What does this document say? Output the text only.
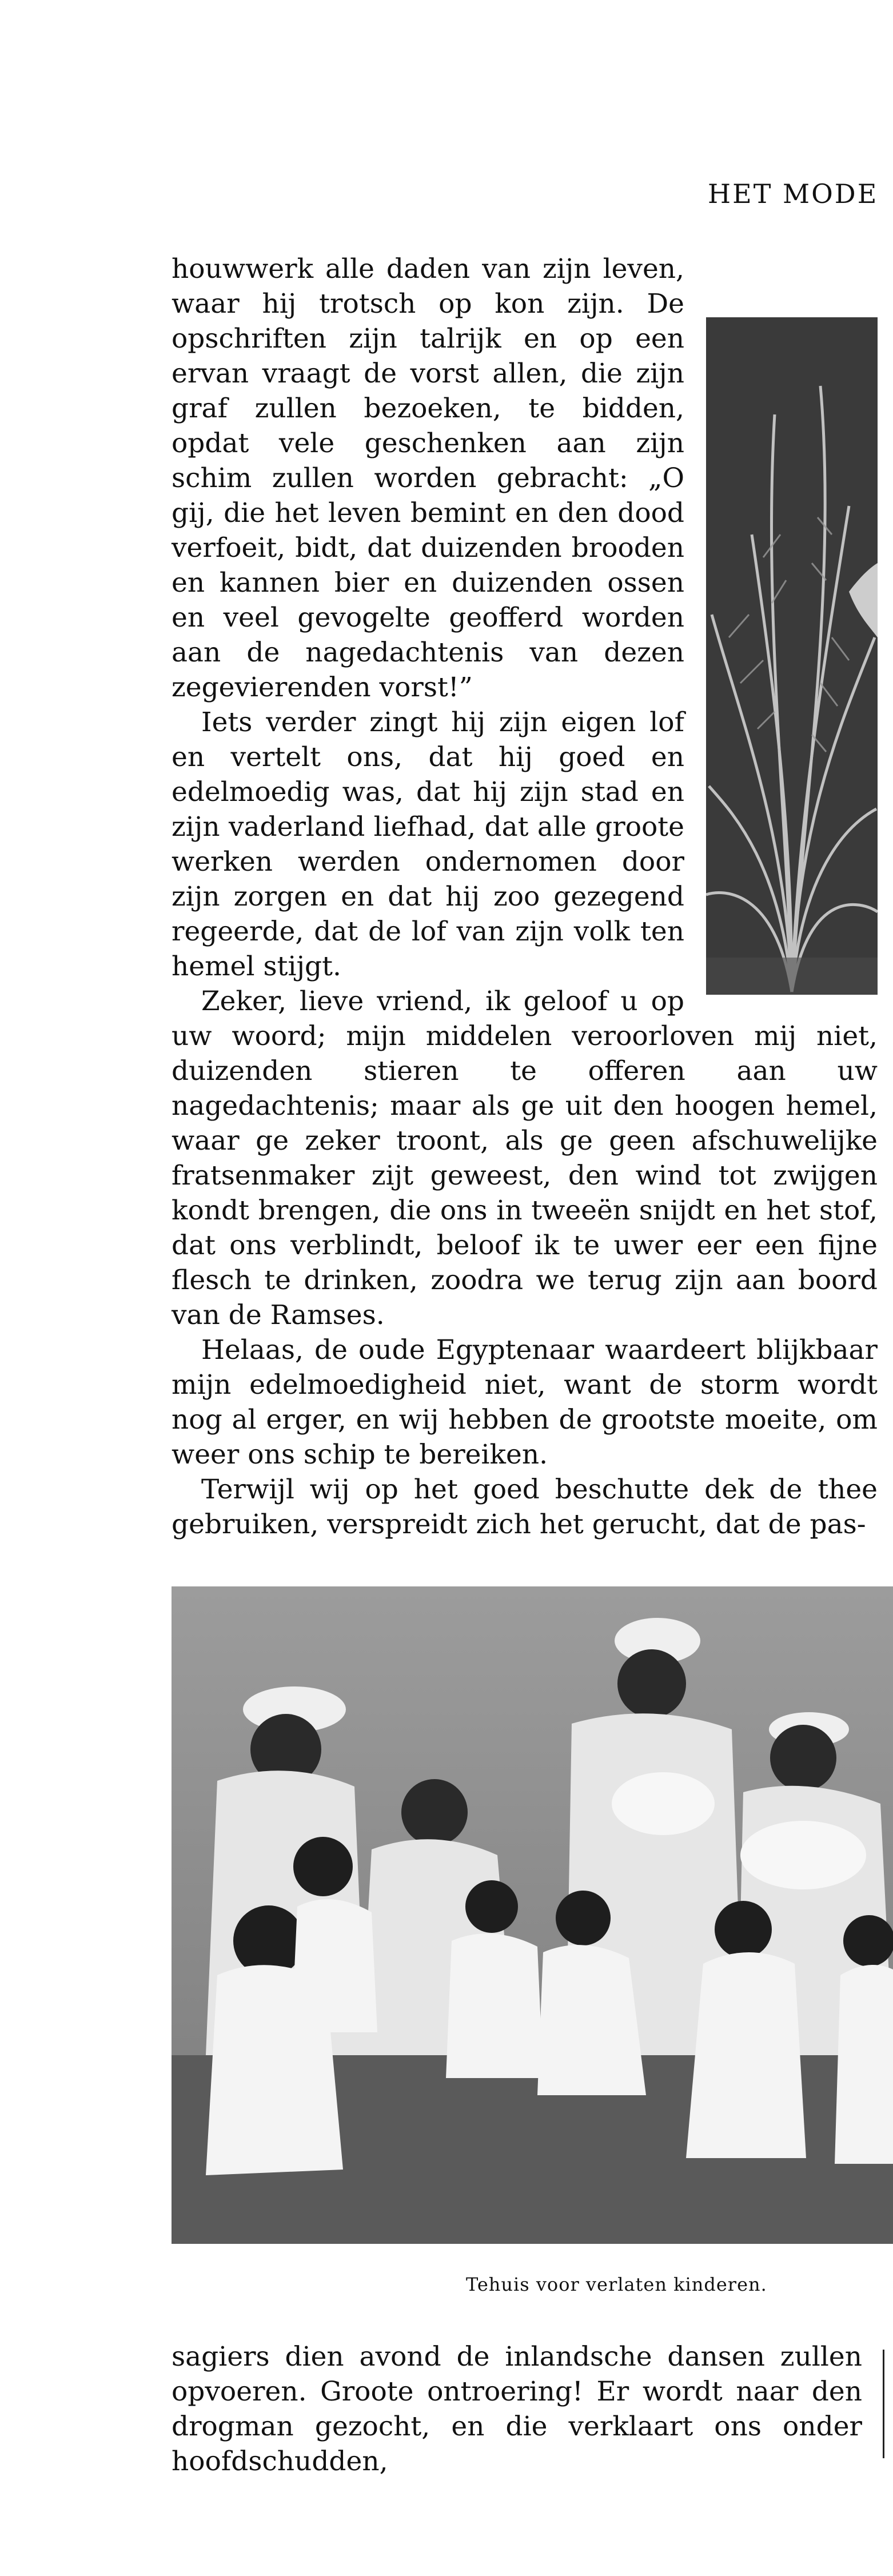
HET MODE

houwwerk alle daden van zijn leven, waar hij trotsch op kon zijn. De opschriften zijn talrijk en op een ervan vraagt de vorst allen, die zijn graf zullen bezoeken, te bidden, opdat vele geschenken aan zijn schim zullen worden gebracht: „O gij, die het leven bemint en den dood verfoeit, bidt, dat duizenden brooden en kannen bier en duizenden ossen en veel gevogelte geofferd worden aan de nagedachtenis van dezen zegevierenden vorst!”

Iets verder zingt hij zijn eigen lof en vertelt ons, dat hij goed en edelmoedig was, dat hij zijn stad en zijn vaderland liefhad, dat alle groote werken werden ondernomen door zijn zorgen en dat hij zoo gezegend regeerde, dat de lof van zijn volk ten hemel stijgt.

Zeker, lieve vriend, ik geloof u op uw woord; mijn middelen veroorloven mij niet, duizenden stieren te offeren aan uw nagedachtenis; maar als ge uit den hoogen hemel, waar ge zeker troont, als ge geen afschuwelijke fratsenmaker zijt geweest, den wind tot zwijgen kondt brengen, die ons in tweeën snijdt en het stof, dat ons verblindt, beloof ik te uwer eer een fijne flesch te drinken, zoodra we terug zijn aan boord van de Ramses.

Helaas, de oude Egyptenaar waardeert blijkbaar mijn edelmoedigheid niet, want de storm wordt nog al erger, en wij hebben de grootste moeite, om weer ons schip te bereiken.

Terwijl wij op het goed beschutte dek de thee gebruiken, verspreidt zich het gerucht, dat de pas-

Tehuis voor verlaten kinderen.

sagiers dien avond de inlandsche dansen zullen opvoeren. Groote ontroering! Er wordt naar den drogman gezocht, en die verklaart ons onder hoofdschudden,
